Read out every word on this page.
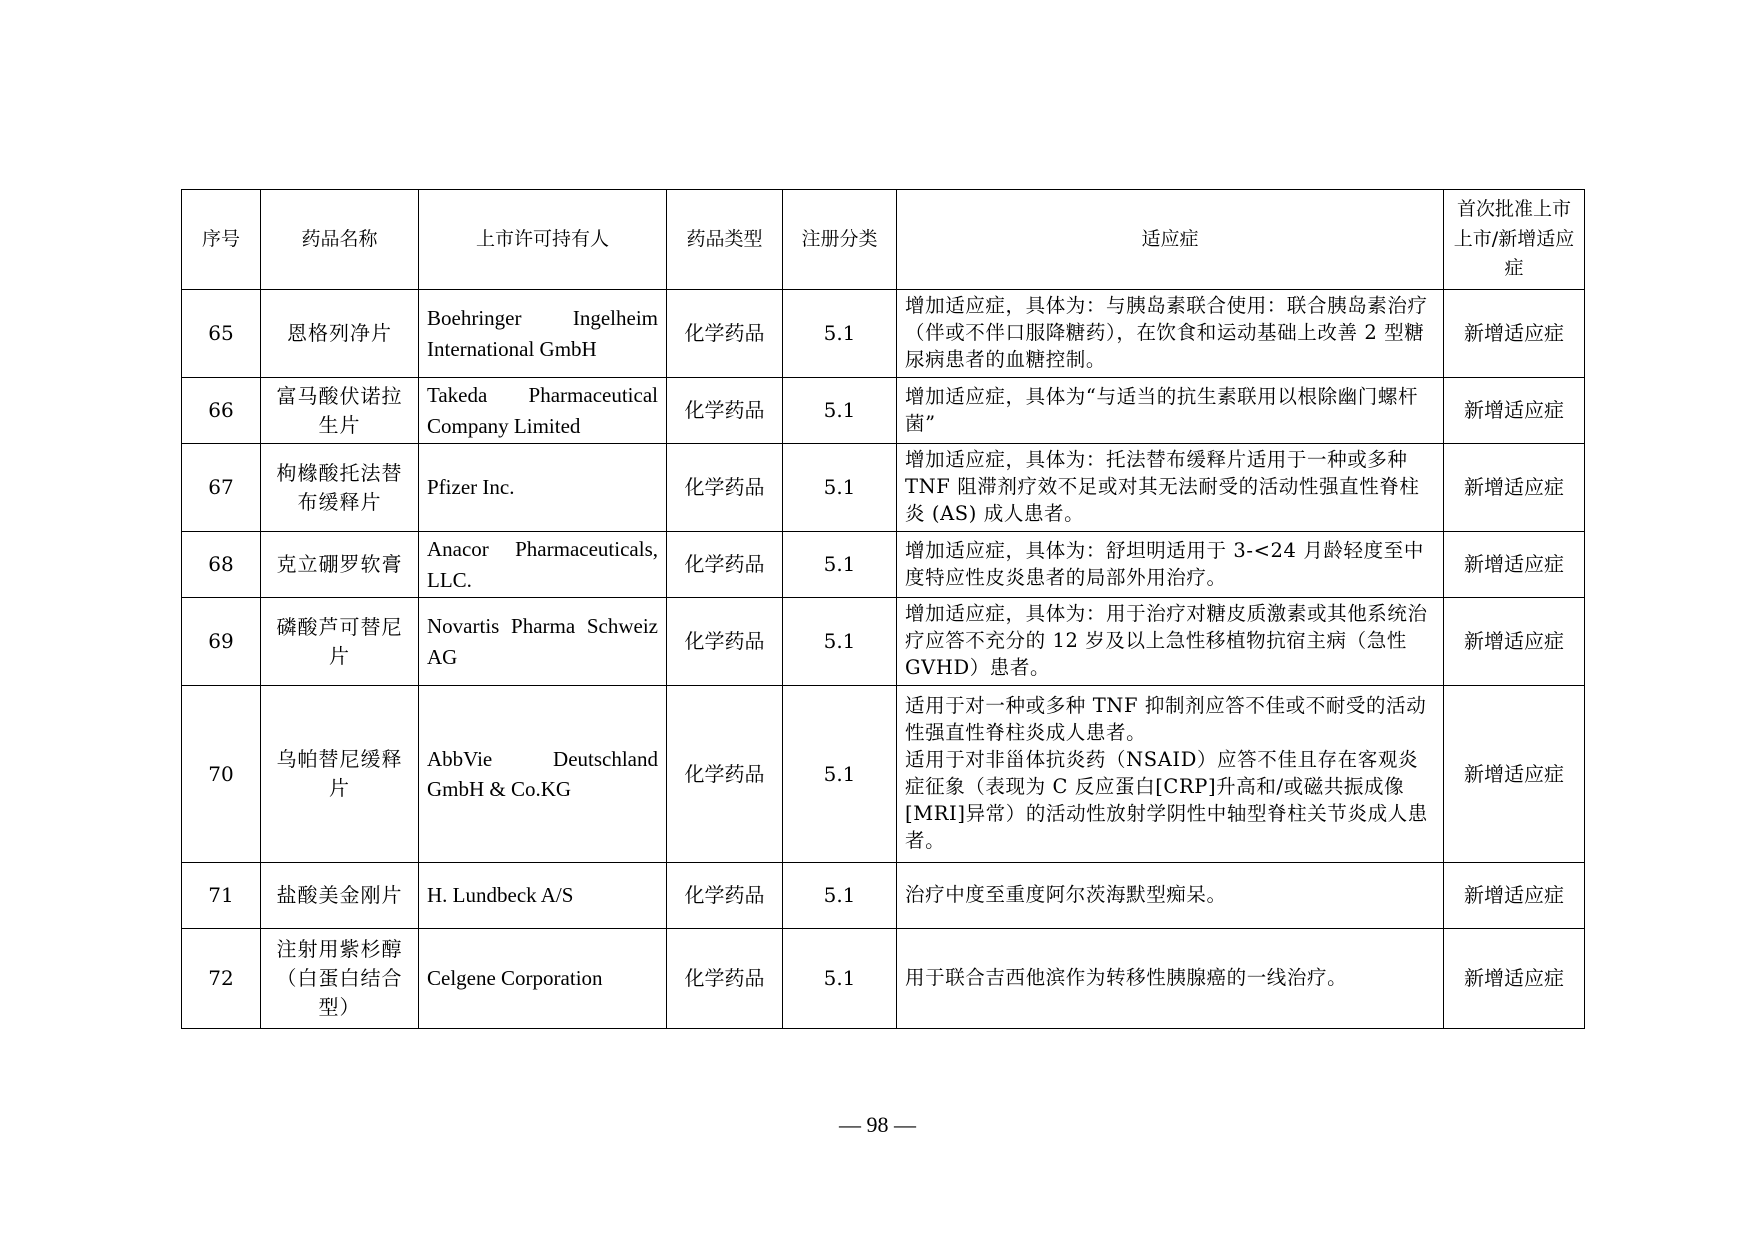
序号	药品名称	上市许可持有人	药品类型	注册分类	适应症	首次批准上市上市/新增适应症
65	恩格列净片	Boehringer Ingelheim International GmbH	化学药品	5.1	增加适应症，具体为：与胰岛素联合使用：联合胰岛素治疗（伴或不伴口服降糖药），在饮食和运动基础上改善 2 型糖尿病患者的血糖控制。	新增适应症
66	富马酸伏诺拉生片	Takeda Pharmaceutical Company Limited	化学药品	5.1	增加适应症，具体为“与适当的抗生素联用以根除幽门螺杆菌”	新增适应症
67	枸橼酸托法替布缓释片	Pfizer Inc.	化学药品	5.1	增加适应症，具体为：托法替布缓释片适用于一种或多种 TNF 阻滞剂疗效不足或对其无法耐受的活动性强直性脊柱炎 (AS) 成人患者。	新增适应症
68	克立硼罗软膏	Anacor Pharmaceuticals, LLC.	化学药品	5.1	增加适应症，具体为：舒坦明适用于 3-<24 月龄轻度至中度特应性皮炎患者的局部外用治疗。	新增适应症
69	磷酸芦可替尼片	Novartis Pharma Schweiz AG	化学药品	5.1	增加适应症，具体为：用于治疗对糖皮质激素或其他系统治疗应答不充分的 12 岁及以上急性移植物抗宿主病（急性 GVHD）患者。	新增适应症
70	乌帕替尼缓释片	AbbVie Deutschland GmbH & Co.KG	化学药品	5.1	适用于对一种或多种 TNF 抑制剂应答不佳或不耐受的活动性强直性脊柱炎成人患者。
适用于对非甾体抗炎药（NSAID）应答不佳且存在客观炎症征象（表现为 C 反应蛋白[CRP]升高和/或磁共振成像[MRI]异常）的活动性放射学阴性中轴型脊柱关节炎成人患者。	新增适应症
71	盐酸美金刚片	H. Lundbeck A/S	化学药品	5.1	治疗中度至重度阿尔茨海默型痴呆。	新增适应症
72	注射用紫杉醇（白蛋白结合型）	Celgene Corporation	化学药品	5.1	用于联合吉西他滨作为转移性胰腺癌的一线治疗。	新增适应症
— 98 —
